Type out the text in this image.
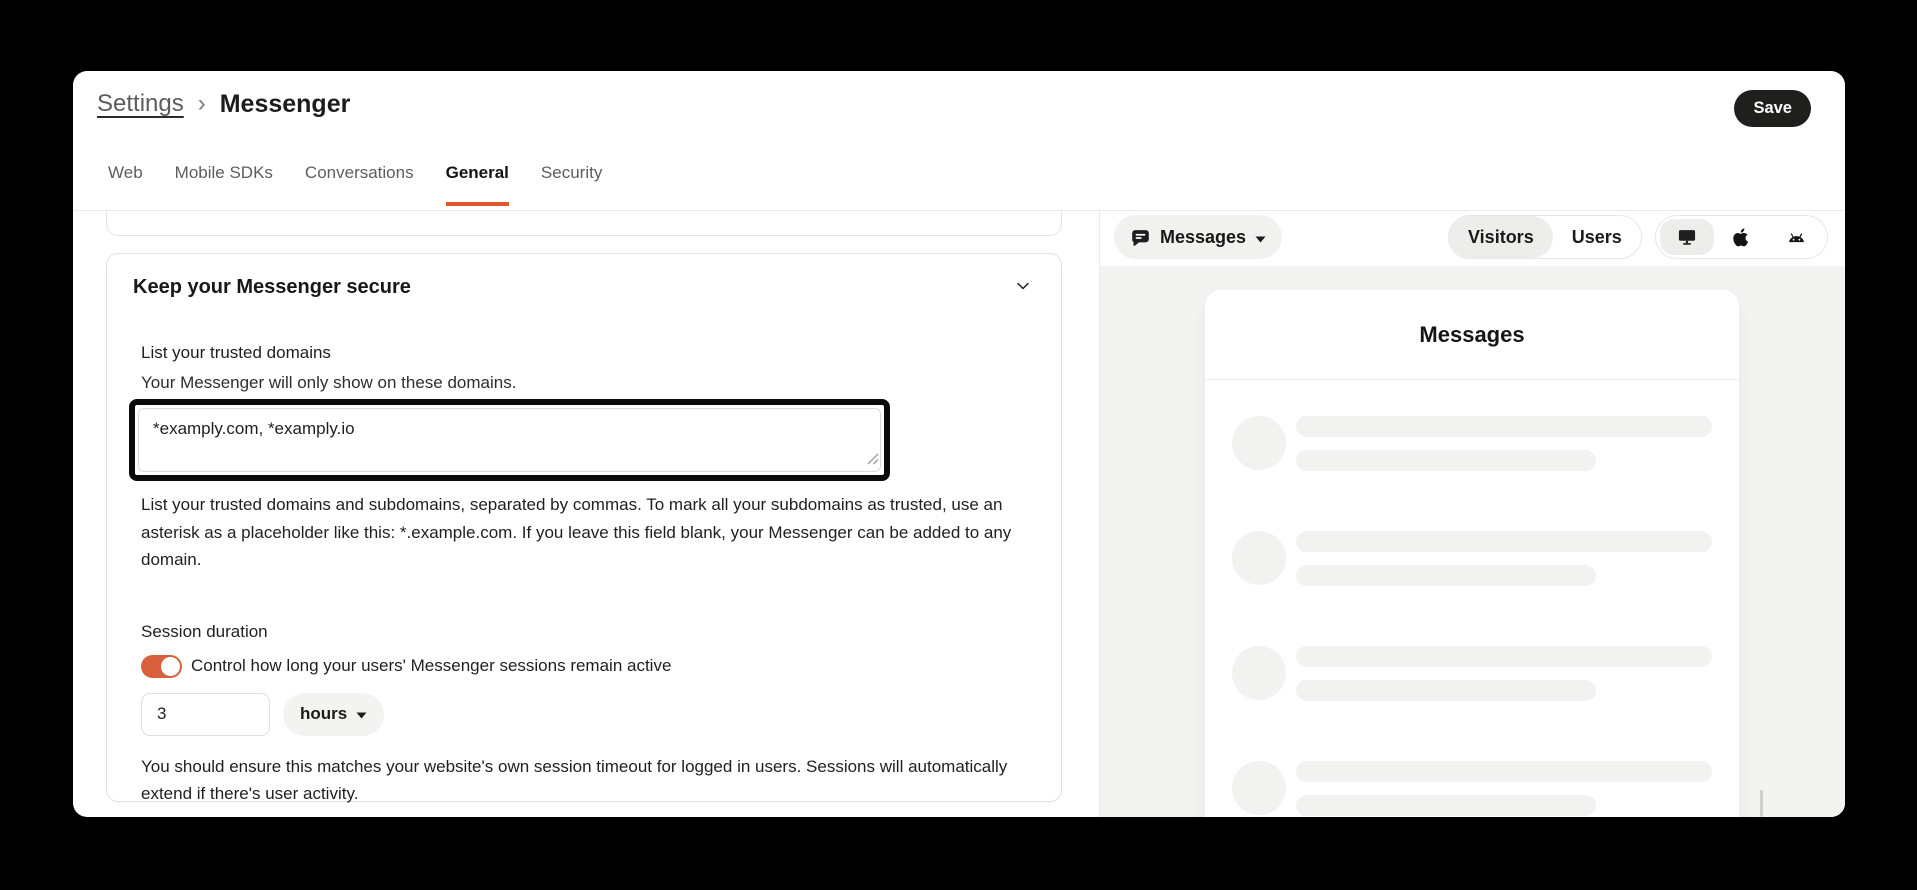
Settings › Messenger	Save
Web Mobile SDKs Conversations General Security
Keep your Messenger secure
List your trusted domains
Your Messenger will only show on these domains.
*examply.com, *examply.io

List your trusted domains and subdomains, separated by commas. To mark all your subdomains as trusted, use an asterisk as a placeholder like this: *.example.com. If you leave this field blank, your Messenger can be added to any domain.

Session duration
Control how long your users' Messenger sessions remain active
3
hours

You should ensure this matches your website's own session timeout for logged in users. Sessions will automatically extend if there's user activity.

Messages	Visitors	Users
Messages
